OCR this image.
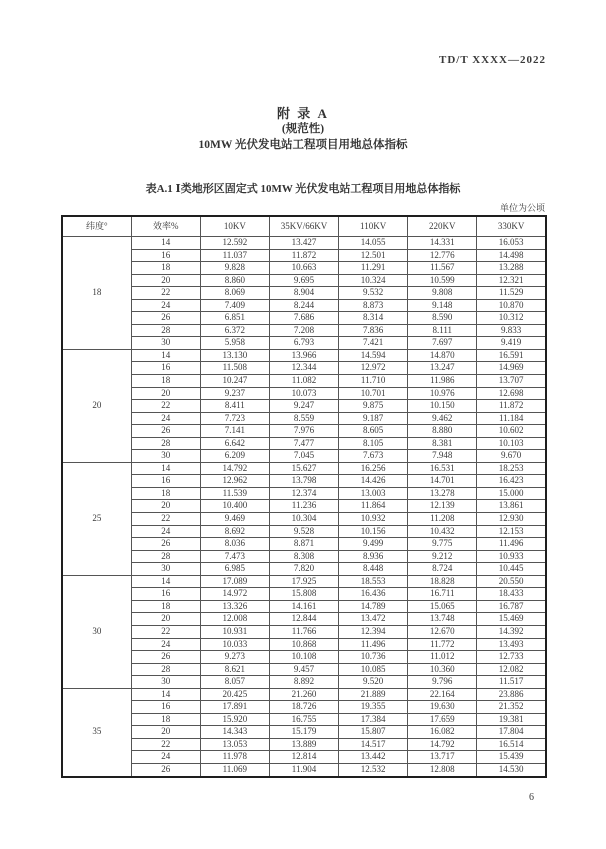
TD/T XXXX—2022
附 录 A
(规范性)
10MW 光伏发电站工程项目用地总体指标
表A.1 Ⅰ类地形区固定式 10MW 光伏发电站工程项目用地总体指标
单位为公顷
纬度°	效率%	10KV	35KV/66KV	110KV	220KV	330KV
18	14	12.592	13.427	14.055	14.331	16.053
	16	11.037	11.872	12.501	12.776	14.498
	18	9.828	10.663	11.291	11.567	13.288
	20	8.860	9.695	10.324	10.599	12.321
	22	8.069	8.904	9.532	9.808	11.529
	24	7.409	8.244	8.873	9.148	10.870
	26	6.851	7.686	8.314	8.590	10.312
	28	6.372	7.208	7.836	8.111	9.833
	30	5.958	6.793	7.421	7.697	9.419
20	14	13.130	13.966	14.594	14.870	16.591
	16	11.508	12.344	12.972	13.247	14.969
	18	10.247	11.082	11.710	11.986	13.707
	20	9.237	10.073	10.701	10.976	12.698
	22	8.411	9.247	9.875	10.150	11.872
	24	7.723	8.559	9.187	9.462	11.184
	26	7.141	7.976	8.605	8.880	10.602
	28	6.642	7.477	8.105	8.381	10.103
	30	6.209	7.045	7.673	7.948	9.670
25	14	14.792	15.627	16.256	16.531	18.253
	16	12.962	13.798	14.426	14.701	16.423
	18	11.539	12.374	13.003	13.278	15.000
	20	10.400	11.236	11.864	12.139	13.861
	22	9.469	10.304	10.932	11.208	12.930
	24	8.692	9.528	10.156	10.432	12.153
	26	8.036	8.871	9.499	9.775	11.496
	28	7.473	8.308	8.936	9.212	10.933
	30	6.985	7.820	8.448	8.724	10.445
30	14	17.089	17.925	18.553	18.828	20.550
	16	14.972	15.808	16.436	16.711	18.433
	18	13.326	14.161	14.789	15.065	16.787
	20	12.008	12.844	13.472	13.748	15.469
	22	10.931	11.766	12.394	12.670	14.392
	24	10.033	10.868	11.496	11.772	13.493
	26	9.273	10.108	10.736	11.012	12.733
	28	8.621	9.457	10.085	10.360	12.082
	30	8.057	8.892	9.520	9.796	11.517
35	14	20.425	21.260	21.889	22.164	23.886
	16	17.891	18.726	19.355	19.630	21.352
	18	15.920	16.755	17.384	17.659	19.381
	20	14.343	15.179	15.807	16.082	17.804
	22	13.053	13.889	14.517	14.792	16.514
	24	11.978	12.814	13.442	13.717	15.439
	26	11.069	11.904	12.532	12.808	14.530
6
